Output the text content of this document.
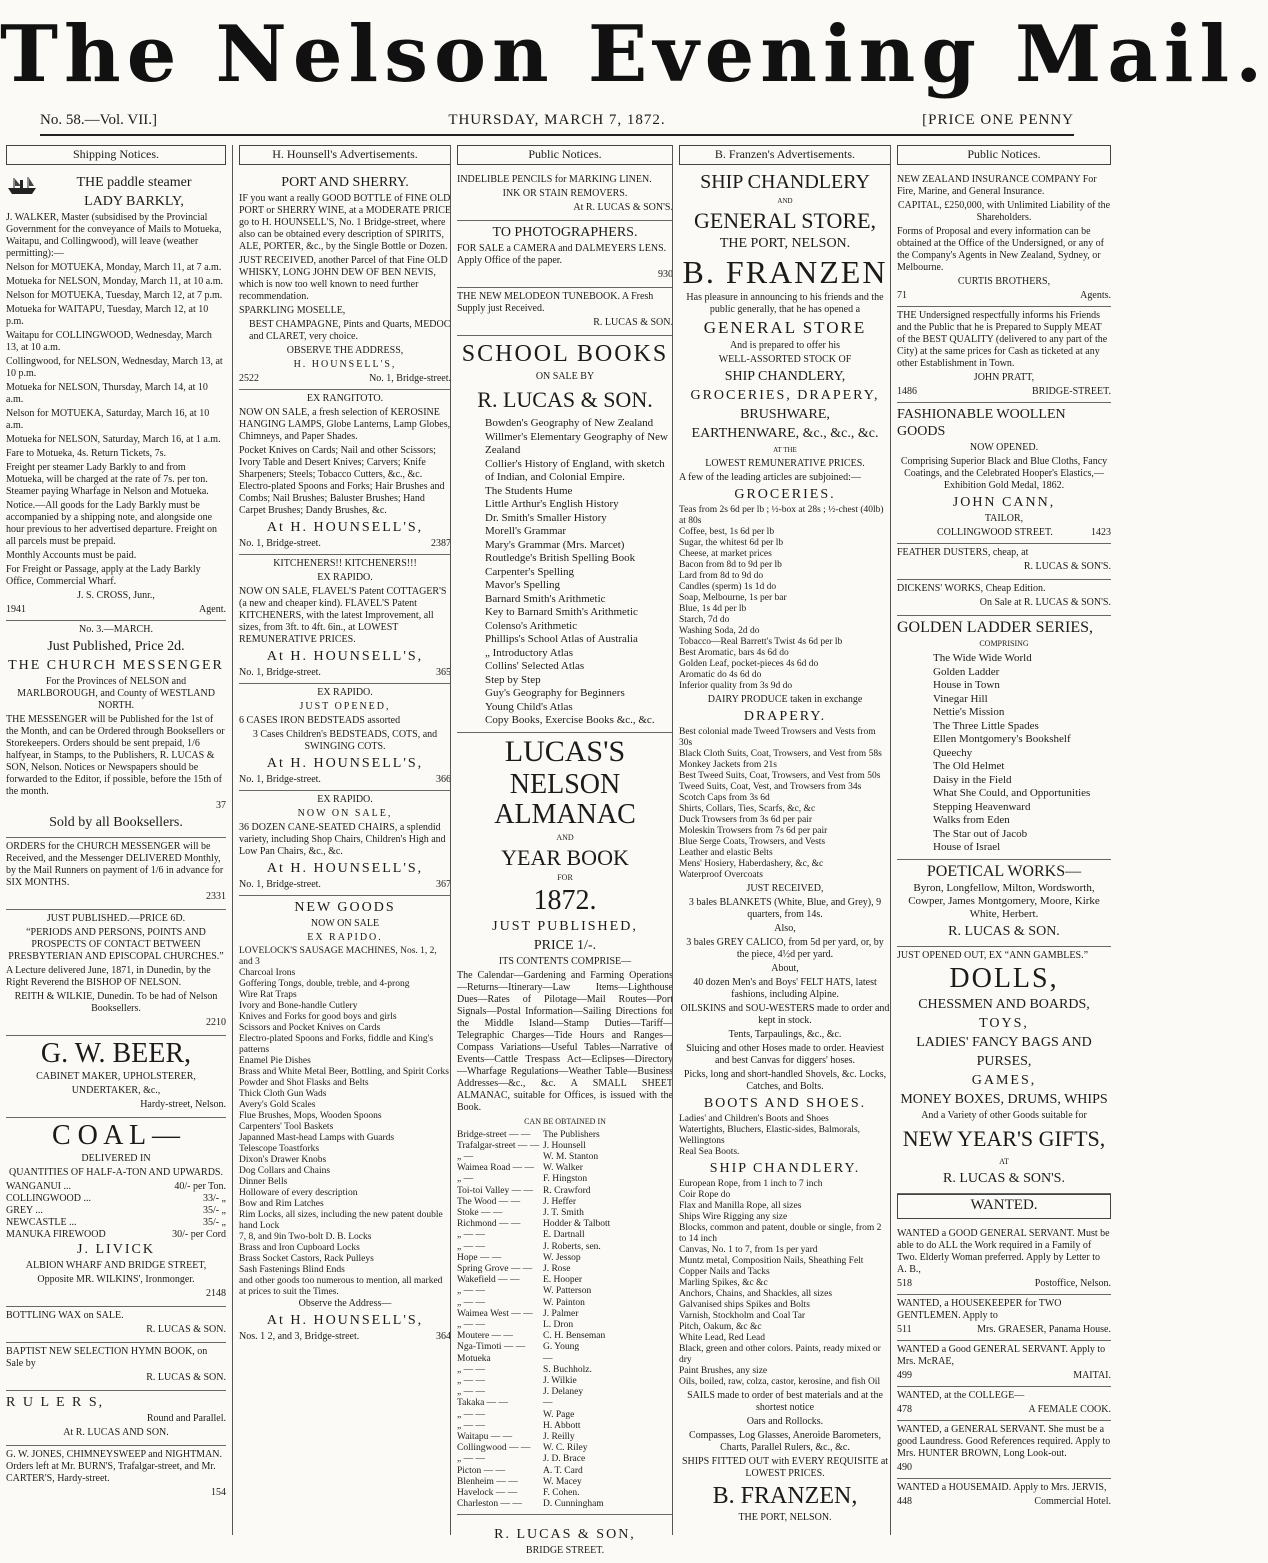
The Nelson Evening Mail.
No. 58.—Vol. VII.]	THURSDAY, MARCH 7, 1872.	[PRICE ONE PENNY
Shipping Notices.

THE paddle steamer

LADY BARKLY,

J. WALKER, Master (subsidised by the Provincial Government for the conveyance of Mails to Motueka, Waitapu, and Collingwood), will leave (weather permitting):—

Nelson for MOTUEKA, Monday, March 11, at 7 a.m.

Motueka for NELSON, Monday, March 11, at 10 a.m.

Nelson for MOTUEKA, Tuesday, March 12, at 7 p.m.

Motueka for WAITAPU, Tuesday, March 12, at 10 p.m.

Waitapu for COLLINGWOOD, Wednesday, March 13, at 10 a.m.

Collingwood, for NELSON, Wednesday, March 13, at 10 p.m.

Motueka for NELSON, Thursday, March 14, at 10 a.m.

Nelson for MOTUEKA, Saturday, March 16, at 10 a.m.

Motueka for NELSON, Saturday, March 16, at 1 a.m.

Fare to Motueka, 4s. Return Tickets, 7s.

Freight per steamer Lady Barkly to and from Motueka, will be charged at the rate of 7s. per ton. Steamer paying Wharfage in Nelson and Motueka.

Notice.—All goods for the Lady Barkly must be accompanied by a shipping note, and alongside one hour previous to her advertised departure. Freight on all parcels must be prepaid.

Monthly Accounts must be paid.

For Freight or Passage, apply at the Lady Barkly Office, Commercial Wharf.

J. S. CROSS, Junr.,

1941	Agent.

No. 3.—MARCH.

Just Published, Price 2d.

THE CHURCH MESSENGER

For the Provinces of NELSON and MARLBOROUGH, and County of WESTLAND NORTH.

THE MESSENGER will be Published for the 1st of the Month, and can be Ordered through Booksellers or Storekeepers. Orders should be sent prepaid, 1/6 halfyear, in Stamps, to the Publishers, R. LUCAS & SON, Nelson. Notices or Newspapers should be forwarded to the Editor, if possible, before the 15th of the month.

37

Sold by all Booksellers.

ORDERS for the CHURCH MESSENGER will be Received, and the Messenger DELIVERED Monthly, by the Mail Runners on payment of 1/6 in advance for SIX MONTHS.

2331

JUST PUBLISHED.—PRICE 6D.

“PERIODS AND PERSONS, POINTS AND PROSPECTS OF CONTACT BETWEEN PRESBYTERIAN AND EPISCOPAL CHURCHES.”

A Lecture delivered June, 1871, in Dunedin, by the Right Reverend the BISHOP OF NELSON.

REITH & WILKIE, Dunedin. To be had of Nelson Booksellers.

2210

G. W. BEER,

CABINET MAKER, UPHOLSTERER,

UNDERTAKER, &c.,

Hardy-street, Nelson.

C O A L —

DELIVERED IN

QUANTITIES OF HALF-A-TON AND UPWARDS.

WANGANUI ...	40/- per Ton.
COLLINGWOOD ...	33/- „
GREY ...	35/- „
NEWCASTLE ...	35/- „
MANUKA FIREWOOD	30/- per Cord

J. LIVICK

ALBION WHARF AND BRIDGE STREET,

Opposite MR. WILKINS', Ironmonger.

2148

BOTTLING WAX on SALE.

R. LUCAS & SON.

BAPTIST NEW SELECTION HYMN BOOK, on Sale by

R. LUCAS & SON.

R U L E R S,

Round and Parallel.

At R. LUCAS AND SON.

G. W. JONES, CHIMNEYSWEEP and NIGHTMAN. Orders left at Mr. BURN'S, Trafalgar-street, and Mr. CARTER'S, Hardy-street.

154

H. Hounsell's Advertisements.

PORT AND SHERRY.

IF you want a really GOOD BOTTLE of FINE OLD PORT or SHERRY WINE, at a MODERATE PRICE go to H. HOUNSELL'S, No. 1 Bridge-street, where also can be obtained every description of SPIRITS, ALE, PORTER, &c., by the Single Bottle or Dozen.

JUST RECEIVED, another Parcel of that Fine OLD WHISKY, LONG JOHN DEW OF BEN NEVIS, which is now too well known to need further recommendation.

SPARKLING MOSELLE,

BEST CHAMPAGNE, Pints and Quarts, MEDOC and CLARET, very choice.

OBSERVE THE ADDRESS,

H. HOUNSELL'S,

2522	No. 1, Bridge-street.

EX RANGITOTO.

NOW ON SALE, a fresh selection of KEROSINE HANGING LAMPS, Globe Lanterns, Lamp Globes, Chimneys, and Paper Shades.

Pocket Knives on Cards; Nail and other Scissors; Ivory Table and Desert Knives; Carvers; Knife Sharpeners; Steels; Tobacco Cutters, &c., &c. Electro-plated Spoons and Forks; Hair Brushes and Combs; Nail Brushes; Baluster Brushes; Hand Carpet Brushes; Dandy Brushes, &c.

At H. HOUNSELL'S,

No. 1, Bridge-street.	2387

KITCHENERS!! KITCHENERS!!!

EX RAPIDO.

NOW ON SALE, FLAVEL'S Patent COTTAGER'S (a new and cheaper kind). FLAVEL'S Patent KITCHENERS, with the latest Improvement, all sizes, from 3ft. to 4ft. 6in., at LOWEST REMUNERATIVE PRICES.

At H. HOUNSELL'S,

No. 1, Bridge-street.	365

EX RAPIDO.

JUST OPENED,

6 CASES IRON BEDSTEADS assorted

3 Cases Children's BEDSTEADS, COTS, and SWINGING COTS.

At H. HOUNSELL'S,

No. 1, Bridge-street.	366

EX RAPIDO.

NOW ON SALE,

36 DOZEN CANE-SEATED CHAIRS, a splendid variety, including Shop Chairs, Children's High and Low Pan Chairs, &c., &c.

At H. HOUNSELL'S,

No. 1, Bridge-street.	367

NEW GOODS

NOW ON SALE

EX RAPIDO.

LOVELOCK'S SAUSAGE MACHINES, Nos. 1, 2, and 3
Charcoal Irons
Goffering Tongs, double, treble, and 4-prong
Wire Rat Traps
Ivory and Bone-handle Cutlery
Knives and Forks for good boys and girls
Scissors and Pocket Knives on Cards
Electro-plated Spoons and Forks, fiddle and King's patterns
Enamel Pie Dishes
Brass and White Metal Beer, Bottling, and Spirit Corks
Powder and Shot Flasks and Belts
Thick Cloth Gun Wads
Avery's Gold Scales
Flue Brushes, Mops, Wooden Spoons
Carpenters' Tool Baskets
Japanned Mast-head Lamps with Guards
Telescope Toastforks
Dixon's Drawer Knobs
Dog Collars and Chains
Dinner Bells
Holloware of every description
Bow and Rim Latches
Rim Locks, all sizes, including the new patent double hand Lock
7, 8, and 9in Two-bolt D. B. Locks
Brass and Iron Cupboard Locks
Brass Socket Castors, Rack Pulleys
Sash Fastenings Blind Ends
and other goods too numerous to mention, all marked at prices to suit the Times.

Observe the Address—

At H. HOUNSELL'S,

Nos. 1 2, and 3, Bridge-street.	364
Public Notices.

INDELIBLE PENCILS for MARKING LINEN.

INK OR STAIN REMOVERS.

At R. LUCAS & SON'S.

TO PHOTOGRAPHERS.

FOR SALE a CAMERA and DALMEYERS LENS. Apply Office of the paper.

930

THE NEW MELODEON TUNEBOOK. A Fresh Supply just Received.

R. LUCAS & SON.

SCHOOL BOOKS

ON SALE BY

R. LUCAS & SON.

Bowden's Geography of New Zealand
Willmer's Elementary Geography of New Zealand
Collier's History of England, with sketch of Indian, and Colonial Empire.
The Students Hume
Little Arthur's English History
Dr. Smith's Smaller History
Morell's Grammar
Mary's Grammar (Mrs. Marcet)
Routledge's British Spelling Book
Carpenter's Spelling
Mavor's Spelling
Barnard Smith's Arithmetic
Key to Barnard Smith's Arithmetic
Colenso's Arithmetic
Phillips's School Atlas of Australia
„ Introductory Atlas
Collins' Selected Atlas
Step by Step
Guy's Geography for Beginners
Young Child's Atlas
Copy Books, Exercise Books &c., &c.

LUCAS'S

NELSON ALMANAC

AND

YEAR BOOK

FOR

1872.

JUST PUBLISHED,

PRICE 1/-.

ITS CONTENTS COMPRISE—

The Calendar—Gardening and Farming Operations—Returns—Itinerary—Law Items—Lighthouse Dues—Rates of Pilotage—Mail Routes—Port Signals—Postal Information—Sailing Directions for the Middle Island—Stamp Duties—Tariff—Telegraphic Charges—Tide Hours and Ranges—Compass Variations—Useful Tables—Narrative of Events—Cattle Trespass Act—Eclipses—Directory—Wharfage Regulations—Weather Table—Business Addresses—&c., &c. A SMALL SHEET ALMANAC, suitable for Offices, is issued with the Book.

CAN BE OBTAINED IN

Bridge-street — —	The Publishers
Trafalgar-street — — J. Hounsell
„ —	W. M. Stanton
Waimea Road — — W. Walker
„ —	F. Hingston
Toi-toi Valley — —	R. Crawford
The Wood — —	J. Heffer
Stoke — —	J. T. Smith
Richmond — —	Hodder & Talbott
„ — —	E. Dartnall
„ — —	J. Roberts, sen.
Hope — —	W. Jessop
Spring Grove — —	J. Rose
Wakefield — —	E. Hooper
„ — —	W. Patterson
„ — —	W. Painton
Waimea West — —	J. Palmer
„ — —	L. Dron
Moutere — —	C. H. Benseman
Nga-Timoti — —	G. Young
Motueka	—
„ — —	S. Buchholz.
„ — —	J. Wilkie
„ — —	J. Delaney
Takaka — —	—
„ — —	W. Page
„ — —	H. Abbott
Waitapu — —	J. Reilly
Collingwood — —	W. C. Riley
„ — —	J. D. Brace
Picton — —	A. T. Card
Blenheim — —	W. Macey
Havelock — —	F. Cohen.
Charleston — —	D. Cunningham

R. LUCAS & SON,

BRIDGE STREET.

B. Franzen's Advertisements.

SHIP CHANDLERY

AND

GENERAL STORE,

THE PORT, NELSON.

B. FRANZEN

Has pleasure in announcing to his friends and the public generally, that he has opened a

GENERAL STORE

And is prepared to offer his

WELL-ASSORTED STOCK OF

SHIP CHANDLERY,

GROCERIES, DRAPERY,

BRUSHWARE,

EARTHENWARE, &c., &c., &c.

AT THE

LOWEST REMUNERATIVE PRICES.

A few of the leading articles are subjoined:—

GROCERIES.

Teas from 2s 6d per lb ; ½-box at 28s ; ½-chest (40lb) at 80s
Coffee, best, 1s 6d per lb
Sugar, the whitest 6d per lb
Cheese, at market prices
Bacon from 8d to 9d per lb
Lard from 8d to 9d do
Candles (sperm) 1s 1d do
Soap, Melbourne, 1s per bar
Blue, 1s 4d per lb
Starch, 7d do
Washing Soda, 2d do
Tobacco—Real Barrett's Twist 4s 6d per lb
Best Aromatic, bars 4s 6d do
Golden Leaf, pocket-pieces 4s 6d do
Aromatic do 4s 6d do
Inferior quality from 3s 9d do

DAIRY PRODUCE taken in exchange

DRAPERY.

Best colonial made Tweed Trowsers and Vests from 30s
Black Cloth Suits, Coat, Trowsers, and Vest from 58s
Monkey Jackets from 21s
Best Tweed Suits, Coat, Trowsers, and Vest from 50s
Tweed Suits, Coat, Vest, and Trowsers from 34s
Scotch Caps from 3s 6d
Shirts, Collars, Ties, Scarfs, &c, &c
Duck Trowsers from 3s 6d per pair
Moleskin Trowsers from 7s 6d per pair
Blue Serge Coats, Trowsers, and Vests
Leather and elastic Belts
Mens' Hosiery, Haberdashery, &c, &c
Waterproof Overcoats

JUST RECEIVED,

3 bales BLANKETS (White, Blue, and Grey), 9 quarters, from 14s.

Also,

3 bales GREY CALICO, from 5d per yard, or, by the piece, 4½d per yard.

About,

40 dozen Men's and Boys' FELT HATS, latest fashions, including Alpine.

OILSKINS and SOU-WESTERS made to order and kept in stock.

Tents, Tarpaulings, &c., &c.

Sluicing and other Hoses made to order. Heaviest and best Canvas for diggers' hoses.

Picks, long and short-handled Shovels, &c. Locks, Catches, and Bolts.

BOOTS AND SHOES.

Ladies' and Children's Boots and Shoes
Watertights, Bluchers, Elastic-sides, Balmorals, Wellingtons
Real Sea Boots.

SHIP CHANDLERY.

European Rope, from 1 inch to 7 inch
Coir Rope do
Flax and Manilla Rope, all sizes
Ships Wire Rigging any size
Blocks, common and patent, double or single, from 2 to 14 inch
Canvas, No. 1 to 7, from 1s per yard
Muntz metal, Composition Nails, Sheathing Felt
Copper Nails and Tacks
Marling Spikes, &c &c
Anchors, Chains, and Shackles, all sizes
Galvanised ships Spikes and Bolts
Varnish, Stockholm and Coal Tar
Pitch, Oakum, &c &c
White Lead, Red Lead
Black, green and other colors. Paints, ready mixed or dry
Paint Brushes, any size
Oils, boiled, raw, colza, castor, kerosine, and fish Oil

SAILS made to order of best materials and at the shortest notice

Oars and Rollocks.

Compasses, Log Glasses, Aneroide Barometers, Charts, Parallel Rulers, &c., &c.

SHIPS FITTED OUT with EVERY REQUISITE at LOWEST PRICES.

B. FRANZEN,

THE PORT, NELSON.

Public Notices.

NEW ZEALAND INSURANCE COMPANY For Fire, Marine, and General Insurance.

CAPITAL, £250,000, with Unlimited Liability of the Shareholders.

Forms of Proposal and every information can be obtained at the Office of the Undersigned, or any of the Company's Agents in New Zealand, Sydney, or Melbourne.

CURTIS BROTHERS,

71	Agents.

THE Undersigned respectfully informs his Friends and the Public that he is Prepared to Supply MEAT of the BEST QUALITY (delivered to any part of the City) at the same prices for Cash as ticketed at any other Establishment in Town.

JOHN PRATT,

1486	BRIDGE-STREET.

FASHIONABLE WOOLLEN GOODS

NOW OPENED.

Comprising Superior Black and Blue Cloths, Fancy Coatings, and the Celebrated Hooper's Elastics,—Exhibition Gold Medal, 1862.

JOHN CANN,

TAILOR,

COLLINGWOOD STREET.	1423

FEATHER DUSTERS, cheap, at

R. LUCAS & SON'S.

DICKENS' WORKS, Cheap Edition.

On Sale at R. LUCAS & SON'S.

GOLDEN LADDER SERIES,

COMPRISING

The Wide Wide World
Golden Ladder
House in Town
Vinegar Hill
Nettie's Mission
The Three Little Spades
Ellen Montgomery's Bookshelf
Queechy
The Old Helmet
Daisy in the Field
What She Could, and Opportunities
Stepping Heavenward
Walks from Eden
The Star out of Jacob
House of Israel

POETICAL WORKS—

Byron, Longfellow, Milton, Wordsworth, Cowper, James Montgomery, Moore, Kirke White, Herbert.

R. LUCAS & SON.

JUST OPENED OUT, EX “ANN GAMBLES.”

DOLLS,

CHESSMEN AND BOARDS,

TOYS,

LADIES' FANCY BAGS AND

PURSES,

GAMES,

MONEY BOXES, DRUMS, WHIPS

And a Variety of other Goods suitable for

NEW YEAR'S GIFTS,

AT

R. LUCAS & SON'S.

WANTED.

WANTED a GOOD GENERAL SERVANT. Must be able to do ALL the Work required in a Family of Two. Elderly Woman preferred. Apply by Letter to A. B.,

518	Postoffice, Nelson.

WANTED, a HOUSEKEEPER for TWO GENTLEMEN. Apply to

511	Mrs. GRAESER, Panama House.

WANTED a Good GENERAL SERVANT. Apply to Mrs. McRAE,

499	MAITAI.

WANTED, at the COLLEGE—

478	A FEMALE COOK.

WANTED, a GENERAL SERVANT. She must be a good Laundress. Good References required. Apply to Mrs. HUNTER BROWN, Long Look-out.

490

WANTED a HOUSEMAID. Apply to Mrs. JERVIS,

448	Commercial Hotel.
